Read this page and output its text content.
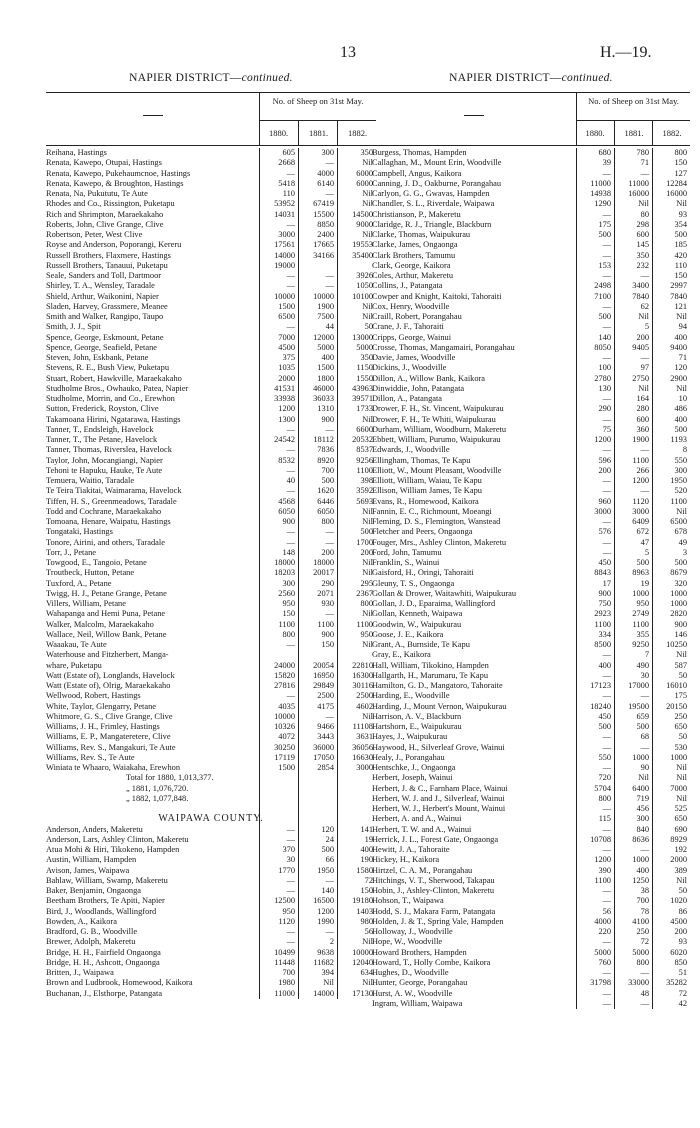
13	H.—19.
NAPIER DISTRICT—continued.
No. of Sheep on 31st May.
1880.	1881.	1882.
Reihana, Hastings	605	300	350
Renata, Kawepo, Otupai, Hastings	2668	—	Nil
Renata, Kawepo, Pukehaumcnoe, Hastings	—	4000	6000
Renata, Kawepo, & Broughton, Hastings	5418	6140	6000
Renata, Na, Pukututu, Te Aute	110	—	Nil
Rhodes and Co., Rissington, Puketapu	53952	67419	Nil
Rich and Shrimpton, Maraekakaho	14031	15500	14500
Roberts, John, Clive Grange, Clive	—	8850	9000
Robertson, Peter, West Clive	3000	2400	Nil
Royse and Anderson, Poporangi, Kereru	17561	17665	19553
Russell Brothers, Flaxmere, Hastings	14000	34166	35400
Russell Brothers, Tanauui, Puketapu	19000
Seale, Sanders and Toll, Dartmoor	—	—	3926
Shirley, T. A., Wensley, Taradale	—	—	1050
Shield, Arthur, Waikonini, Napier	10000	10000	10100
Sladen, Harvey, Grassmere, Meanee	1500	1900	Nil
Smith and Walker, Rangipo, Taupo	6500	7500	Nil
Smith, J. J., Spit	—	44	50
Spence, George, Eskmount, Petane	7000	12000	13000
Spence, George, Seafield, Petane	4500	5000	5000
Steven, John, Eskbank, Petane	375	400	350
Stevens, R. E., Bush View, Puketapu	1035	1500	1150
Stuart, Robert, Hawkville, Maraekakaho	2000	1800	1550
Studholme Bros., Owhauko, Patea, Napier	41531	46000	43963
Studholme, Morrin, and Co., Erewhon	33938	36033	39571
Sutton, Frederick, Royston, Clive	1200	1310	1733
Takamoana Hirini, Ngatarawa, Hastings	1300	900	Nil
Tanner, T., Endsleigh, Havelock	—	—	6600
Tanner, T., The Petane, Havelock	24542	18112	20532
Tanner, Thomas, Riverslea, Havelock	—	7836	8537
Taylor, John, Mocangiangi, Napier	8532	8920	9256
Tehoni te Hapuku, Hauke, Te Aute	—	700	1100
Temuera, Waitio, Taradale	40	500	398
Te Teira Tiakitai, Waimarama, Havelock	—	1620	3592
Tiffen, H. S., Greenmeadows, Taradale	4568	6446	5693
Todd and Cochrane, Maraekakaho	6050	6050	Nil
Tomoana, Henare, Waipatu, Hastings	900	800	Nil
Tongataki, Hastings	—	—	500
Tonore, Airini, and others, Taradale	—	—	1700
Torr, J., Petane	148	200	200
Towgood, E., Tangoio, Petane	18000	18000	Nil
Troutbeck, Hutton, Petane	18203	20017	Nil
Tuxford, A., Petane	300	290	295
Twigg, H. J., Petane Grange, Petane	2560	2071	2367
Villers, William, Petane	950	930	800
Wahapanga and Hemi Puna, Petane	150	—	Nil
Walker, Malcolm, Maraekakaho	1100	1100	1100
Wallace, Neil, Willow Bank, Petane	800	900	950
Waaakau, Te Aute	—	150	Nil
Waterhouse and Fitzherbert, Manga-
whare, Puketapu	24000	20054	22810
Watt (Estate of), Longlands, Havelock	15820	16950	16300
Watt (Estate of), Olrig, Maraekakaho	27816	29849	30116
Wellwood, Robert, Hastings	—	2500	2500
White, Taylor, Glengarry, Petane	4035	4175	4602
Whitmore, G. S., Clive Grange, Clive	10000	—	Nil
Williams, J. H., Frimley, Hastings	10326	9466	11108
Williams, E. P., Mangateretere, Clive	4072	3443	3631
Williams, Rev. S., Mangakuri, Te Aute	30250	36000	36056
Williams, Rev. S., Te Aute	17119	17050	16630
Winiata te Whaaro, Waiakaha, Erewhon	1500	2854	3000
Total for 1880, 1,013,377.
„ 1881, 1,076,720.
„ 1882, 1,077,848.
WAIPAWA COUNTY.
Anderson, Anders, Makeretu	—	120	141
Anderson, Lars, Ashley Clinton, Makeretu	—	24	19
Atua Mohi & Hiri, Tikokeno, Hampden	370	500	400
Austin, William, Hampden	30	66	190
Avison, James, Waipawa	1770	1950	1580
Bahlaw, William, Swamp, Makeretu	—	—	72
Baker, Benjamin, Ongaonga	—	140	150
Beetham Brothers, Te Apiti, Napier	12500	16500	19180
Bird, J., Woodlands, Wallingford	950	1200	1403
Bowden, A., Kaikora	1120	1990	980
Bradford, G. B., Woodville	—	—	56
Brewer, Adolph, Makeretu	—	2	Nil
Bridge, H. H., Fairfield Ongaonga	10499	9638	10000
Bridge, H. H., Ashcott, Ongaonga	11448	11682	12040
Britten, J., Waipawa	700	394	634
Brown and Ludbrook, Homewood, Kaikora	1980	Nil	Nil
Buchanan, J., Elsthorpe, Patangata	11000	14000	17130
NAPIER DISTRICT—continued.
No. of Sheep on 31st May.
1880.	1881.	1882.
Burgess, Thomas, Hampden	680	780	800
Callaghan, M., Mount Erin, Woodville	39	71	150
Campbell, Angus, Kaikora	—	—	127
Canning, J. D., Oakburne, Porangahau	11000	11000	12284
Carlyon, G. G., Gwavas, Hampden	14938	16000	16000
Chandler, S. L., Riverdale, Waipawa	1290	Nil	Nil
Christianson, P., Makeretu	—	80	93
Claridge, R. J., Triangle, Blackburn	175	298	354
Clarke, Thomas, Waipukurau	500	600	500
Clarke, James, Ongaonga	—	145	185
Clark Brothers, Tamumu	—	350	420
Clark, George, Kaikora	153	232	110
Coles, Arthur, Makeretu	—	—	150
Collins, J., Patangata	2498	3400	2997
Cowper and Knight, Kaitoki, Tahoraiti	7100	7840	7840
Cox, Henry, Woodville	—	62	121
Craill, Robert, Porangahau	500	Nil	Nil
Crane, J. F., Tahoraiti	—	5	94
Cripps, George, Wainui	140	200	400
Crosse, Thomas, Mangamairi, Porangahau	8050	9405	9400
Davie, James, Woodville	—	—	71
Dickins, J., Woodville	100	97	120
Dillon, A., Willow Bank, Kaikora	2780	2750	2900
Dinwiddie, John, Patangata	130	Nil	Nil
Dillon, A., Patangata	—	164	10
Drower, F. H., St. Vincent, Waipukurau	290	280	486
Drower, F. H., Te Whiti, Waipukurau	—	600	400
Durham, William, Woodburn, Makeretu	75	360	500
Ebbett, William, Purumo, Waipukurau	1200	1900	1193
Edwards, J., Woodville	—	—	8
Ellingham, Thomas, Te Kapu	596	1100	550
Elliott, W., Mount Pleasant, Woodville	200	266	300
Elliott, William, Waiau, Te Kapu	—	1200	1950
Ellison, William James, Te Kapu	—	—	520
Evans, R., Homewood, Kaikora	960	1120	1100
Fannin, E. C., Richmount, Moeangi	3000	3000	Nil
Fleming, D. S., Flemington, Wanstead	—	6409	6500
Fletcher and Peers, Ongaonga	576	672	678
Fouger, Mrs., Ashley Clinton, Makeretu	—	47	49
Ford, John, Tamumu	—	5	3
Franklin, S., Wainui	450	500	500
Gaisford, H., Oringi, Tahoraiti	8843	8963	8679
Gleuny, T. S., Ongaonga	17	19	320
Gollan & Drower, Waitawhiti, Waipukurau	900	1000	1000
Gollan, J. D., Eparaima, Wallingford	750	950	1000
Gollan, Kenneth, Waipawa	2923	2749	2820
Goodwin, W., Waipukurau	1100	1100	900
Goose, J. E., Kaikora	334	355	146
Grant, A., Burnside, Te Kapu	8500	9250	10250
Gray, E., Kaikora	—	7	Nil
Hall, William, Tikokino, Hampden	400	490	587
Hallgarth, H., Marumaru, Te Kapu	—	30	50
Hamilton, G. D., Mangatoro, Tahoraite	17123	17000	16010
Harding, E., Woodville	—	—	175
Harding, J., Mount Vernon, Waipukurau	18240	19500	20150
Harrison, A. V., Blackburn	450	659	250
Hartshorn, E., Waipukurau	500	500	650
Hayes, J., Waipukurau	—	68	50
Haywood, H., Silverleaf Grove, Wainui	—	—	530
Healy, J., Porangahau	550	1000	1000
Hentschke, J., Ongaonga	—	90	Nil
Herbert, Joseph, Wainui	720	Nil	Nil
Herbert, J. & C., Farnham Place, Wainui	5704	6400	7000
Herbert, W. J. and J., Silverleaf, Wainui	800	719	Nil
Herbert, W. J., Herbert's Mount, Wainui	—	456	525
Herbert, A. and A., Wainui	115	300	650
Herbert, T. W. and A., Wainui	—	840	690
Herrick, J. L., Forest Gate, Ongaonga	10708	8636	8929
Hewitt, J. A., Tahoraite	—	—	192
Hickey, H., Kaikora	1200	1000	2000
Hirtzel, C. A. M., Porangahau	390	400	389
Hitchings, V. T., Sherwood, Takapau	1100	1250	Nil
Hobin, J., Ashley-Clinton, Makeretu	—	38	50
Hobson, T., Waipawa	—	700	1020
Hodd, S. J., Makara Farm, Patangata	56	78	86
Holden, J. & T., Spring Vale, Hampden	4000	4100	4500
Holloway, J., Woodville	220	250	200
Hope, W., Woodville	—	72	93
Howard Brothers, Hampden	5000	5000	6020
Howard, T., Holly Combe, Kaikora	760	800	850
Hughes, D., Woodville	—	—	51
Hunter, George, Porangahau	31798	33000	35282
Hurst, A. W., Woodville	—	48	72
Ingram, William, Waipawa	—	—	42
